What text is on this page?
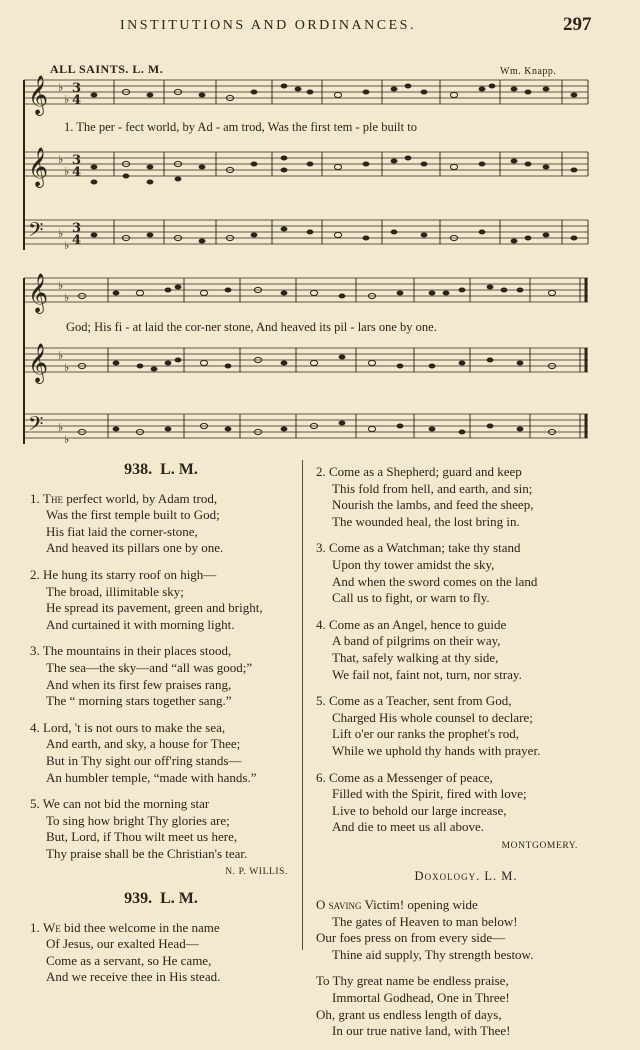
INSTITUTIONS AND ORDINANCES.	297
ALL SAINTS. L. M.	Wm. Knapp.
𝄞
𝄞
𝄢
♭
♭
♭
♭
♭
♭
3
4
3
4
3
4
1. The per - fect world, by Ad - am trod, Was the first tem - ple built to
𝄞
𝄞
𝄢
♭
♭
♭
♭
♭
♭
God; His fi - at laid the cor-ner stone, And heaved its pil - lars one by one.
938. L. M.

1. The perfect world, by Adam trod,

Was the first temple built to God;

His fiat laid the corner-stone,

And heaved its pillars one by one.

2. He hung its starry roof on high—

The broad, illimitable sky;

He spread its pavement, green and bright,

And curtained it with morning light.

3. The mountains in their places stood,

The sea—the sky—and “all was good;”

And when its first few praises rang,

The “ morning stars together sang.”

4. Lord, 't is not ours to make the sea,

And earth, and sky, a house for Thee;

But in Thy sight our off'ring stands—

An humbler temple, “made with hands.”

5. We can not bid the morning star

To sing how bright Thy glories are;

But, Lord, if Thou wilt meet us here,

Thy praise shall be the Christian's tear.

N. P. WILLIS.
939. L. M.

1. We bid thee welcome in the name

Of Jesus, our exalted Head—

Come as a servant, so He came,

And we receive thee in His stead.

2. Come as a Shepherd; guard and keep

This fold from hell, and earth, and sin;

Nourish the lambs, and feed the sheep,

The wounded heal, the lost bring in.

3. Come as a Watchman; take thy stand

Upon thy tower amidst the sky,

And when the sword comes on the land

Call us to fight, or warn to fly.

4. Come as an Angel, hence to guide

A band of pilgrims on their way,

That, safely walking at thy side,

We fail not, faint not, turn, nor stray.

5. Come as a Teacher, sent from God,

Charged His whole counsel to declare;

Lift o'er our ranks the prophet's rod,

While we uphold thy hands with prayer.

6. Come as a Messenger of peace,

Filled with the Spirit, fired with love;

Live to behold our large increase,

And die to meet us all above.

MONTGOMERY.
Doxology. L. M.

O saving Victim! opening wide

The gates of Heaven to man below!

Our foes press on from every side—

Thine aid supply, Thy strength bestow.

To Thy great name be endless praise,

Immortal Godhead, One in Three!

Oh, grant us endless length of days,

In our true native land, with Thee!
